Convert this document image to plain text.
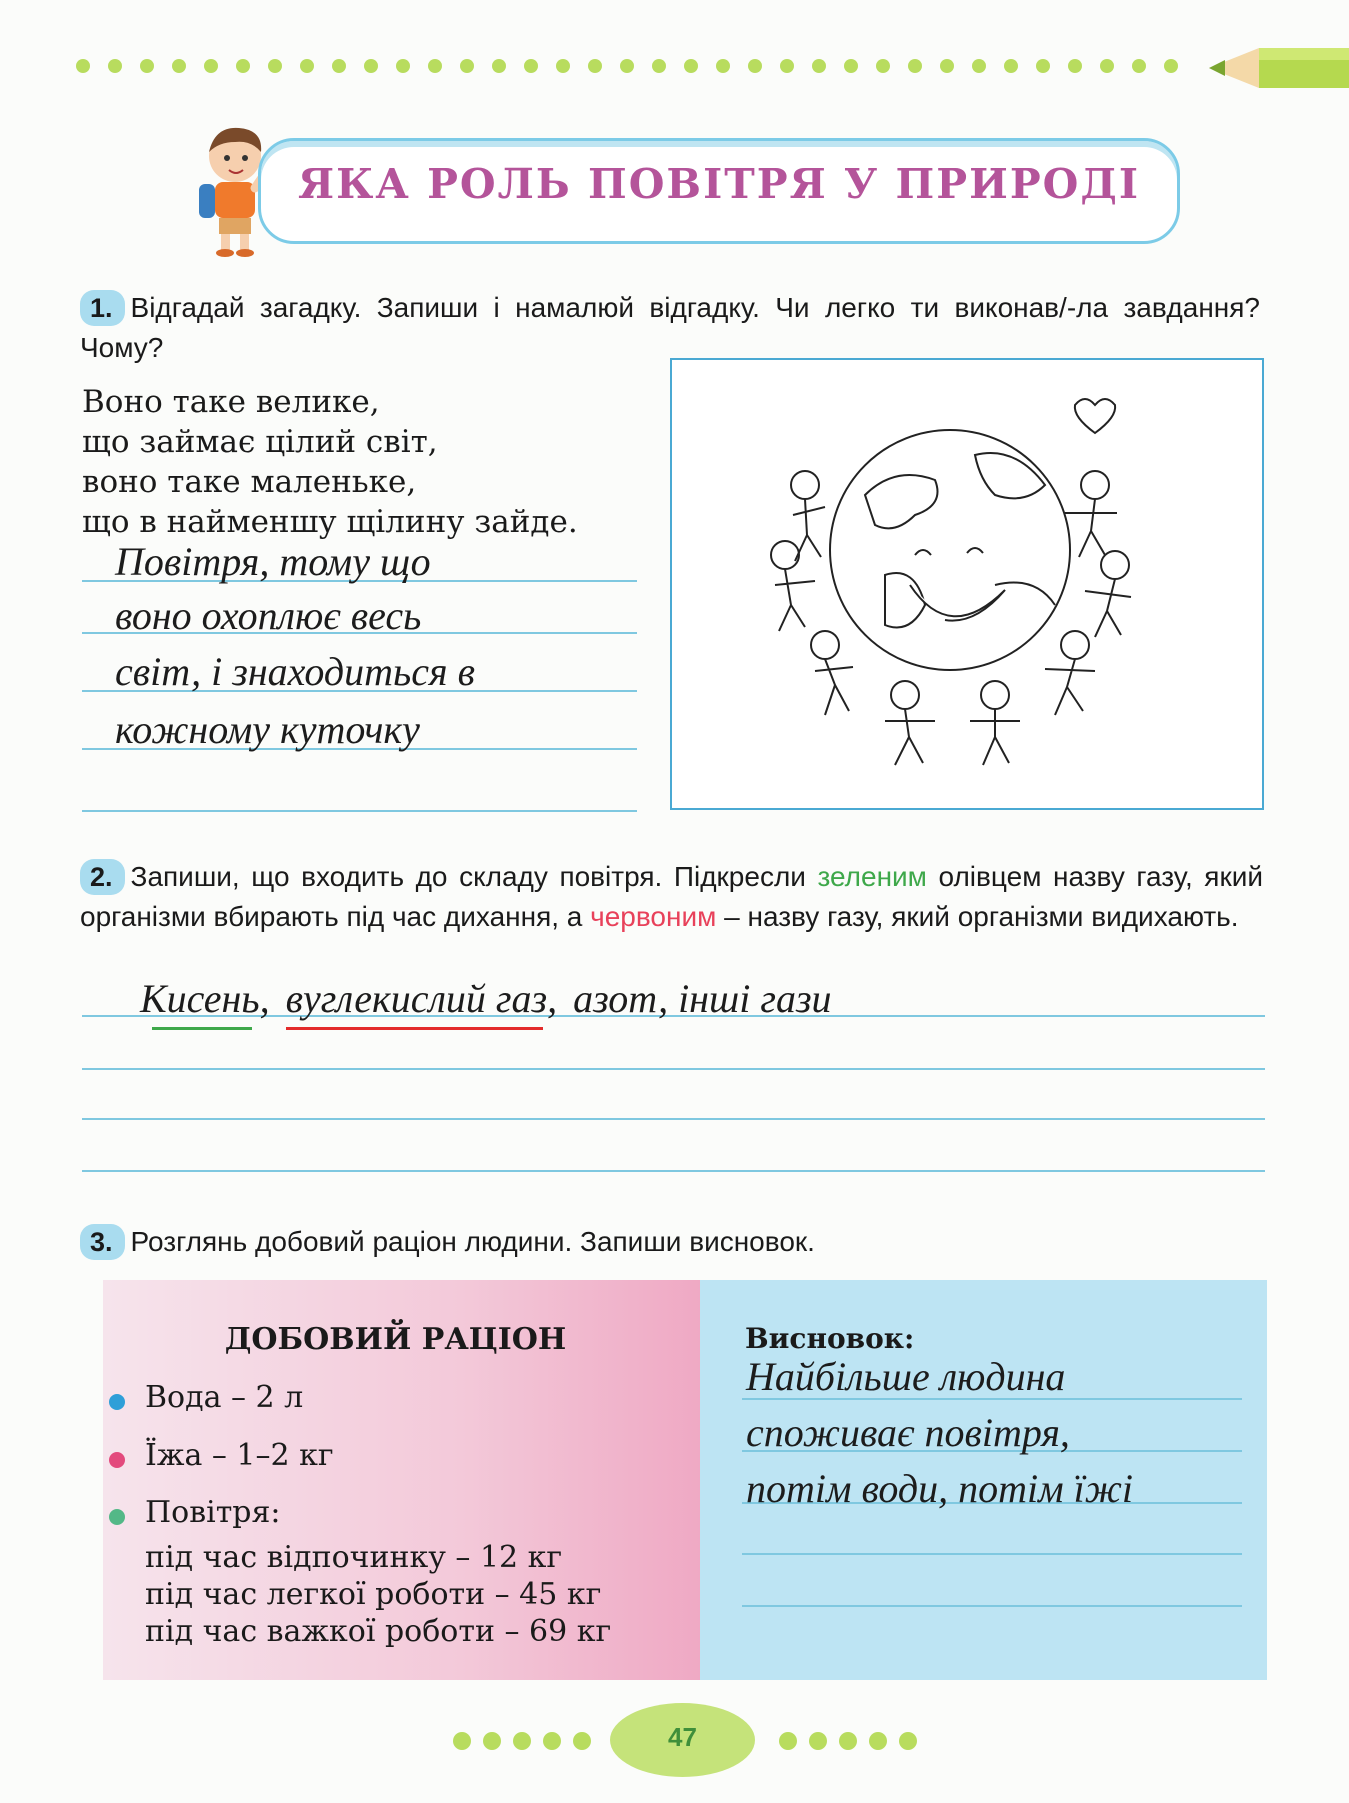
ЯКА РОЛЬ ПОВІТРЯ У ПРИРОДІ
1. Відгадай загадку. Запиши і намалюй відгадку. Чи легко ти виконав/-ла завдання? Чому?
Воно таке велике,
що займає цілий світ,
воно таке маленьке,
що в найменшу щілину зайде.
Повітря, тому що
воно охоплює весь
світ, і знаходиться в
кожному куточку
2. Запиши, що входить до складу повітря. Підкресли зеленим олівцем назву газу, який організми вбирають під час дихання, а червоним – назву газу, який організми видихають.
Кисень, вуглекислий газ, азот, інші гази
3. Розглянь добовий раціон людини. Запиши висновок.
ДОБОВИЙ РАЦІОН
Вода – 2 л
Їжа – 1–2 кг
Повітря:
під час відпочинку – 12 кг
під час легкої роботи – 45 кг
під час важкої роботи – 69 кг
Висновок:
Найбільше людина
споживає повітря,
потім води, потім їжі
47
